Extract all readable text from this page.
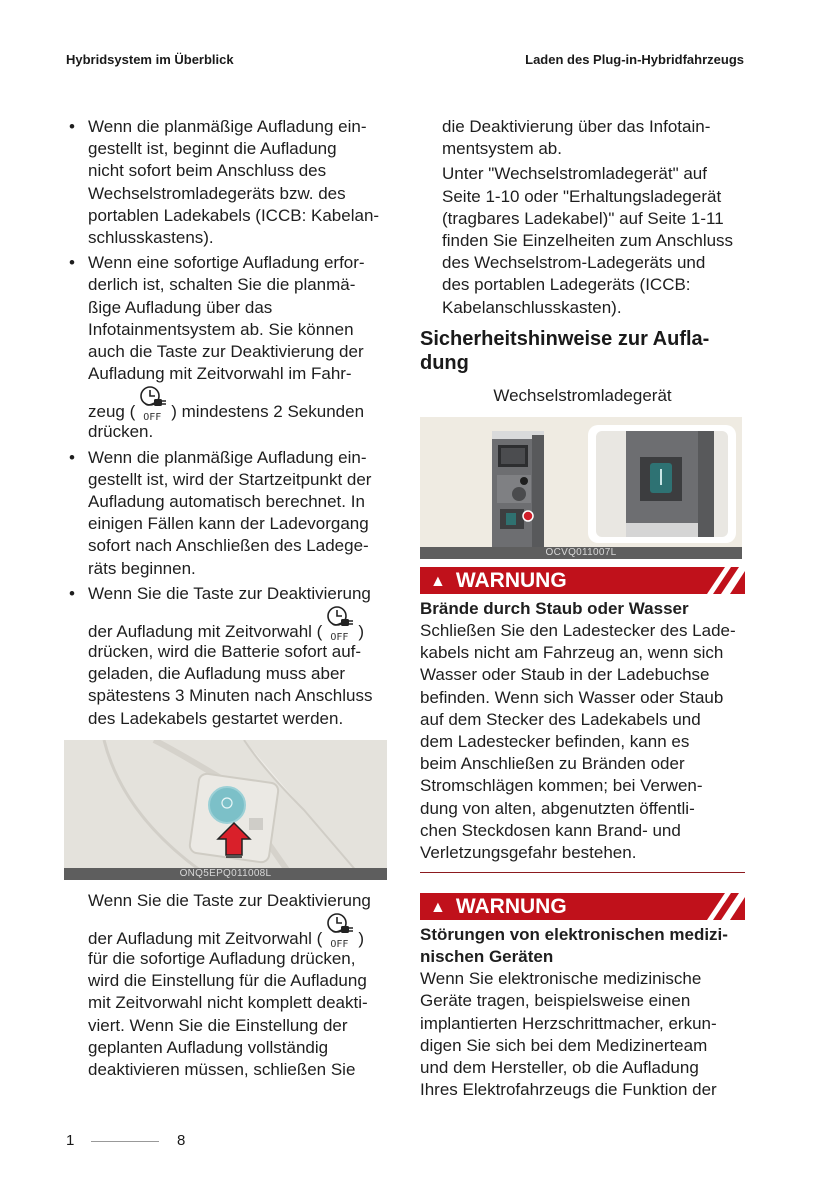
Hybridsystem im Überblick	Laden des Plug-in-Hybridfahrzeugs
• Wenn die planmäßige Aufladung ein-
gestellt ist, beginnt die Aufladung
nicht sofort beim Anschluss des
Wechselstromladegeräts bzw. des
portablen Ladekabels (ICCB: Kabelan-
schlusskastens).
• Wenn eine sofortige Aufladung erfor-
derlich ist, schalten Sie die planmä-
ßige Aufladung über das
Infotainmentsystem ab. Sie können
auch die Taste zur Deaktivierung der
Aufladung mit Zeitvorwahl im Fahr-
zeug ( OFF ) mindestens 2 Sekunden
drücken.
• Wenn die planmäßige Aufladung ein-
gestellt ist, wird der Startzeitpunkt der
Aufladung automatisch berechnet. In
einigen Fällen kann der Ladevorgang
sofort nach Anschließen des Ladege-
räts beginnen.
• Wenn Sie die Taste zur Deaktivierung
der Aufladung mit Zeitvorwahl ( OFF )
drücken, wird die Batterie sofort auf-
geladen, die Aufladung muss aber
spätestens 3 Minuten nach Anschluss
des Ladekabels gestartet werden.
ONQ5EPQ011008L
Wenn Sie die Taste zur Deaktivierung
der Aufladung mit Zeitvorwahl ( OFF )
für die sofortige Aufladung drücken,
wird die Einstellung für die Aufladung
mit Zeitvorwahl nicht komplett deakti-
viert. Wenn Sie die Einstellung der
geplanten Aufladung vollständig
deaktivieren müssen, schließen Sie
die Deaktivierung über das Infotain-
mentsystem ab.
Unter "Wechselstromladegerät" auf
Seite 1-10 oder "Erhaltungsladegerät
(tragbares Ladekabel)" auf Seite 1-11
finden Sie Einzelheiten zum Anschluss
des Wechselstrom-Ladegeräts und
des portablen Ladegeräts (ICCB:
Kabelanschlusskasten).
Sicherheitshinweise zur Aufla-
dung
Wechselstromladegerät
OCVQ011007L
▲ WARNUNG
Brände durch Staub oder Wasser
Schließen Sie den Ladestecker des Lade-
kabels nicht am Fahrzeug an, wenn sich
Wasser oder Staub in der Ladebuchse
befinden. Wenn sich Wasser oder Staub
auf dem Stecker des Ladekabels und
dem Ladestecker befinden, kann es
beim Anschließen zu Bränden oder
Stromschlägen kommen; bei Verwen-
dung von alten, abgenutzten öffentli-
chen Steckdosen kann Brand- und
Verletzungsgefahr bestehen.
▲ WARNUNG
Störungen von elektronischen medizi-
nischen Geräten
Wenn Sie elektronische medizinische
Geräte tragen, beispielsweise einen
implantierten Herzschrittmacher, erkun-
digen Sie sich bei dem Medizinerteam
und dem Hersteller, ob die Aufladung
Ihres Elektrofahrzeugs die Funktion der
1	8
